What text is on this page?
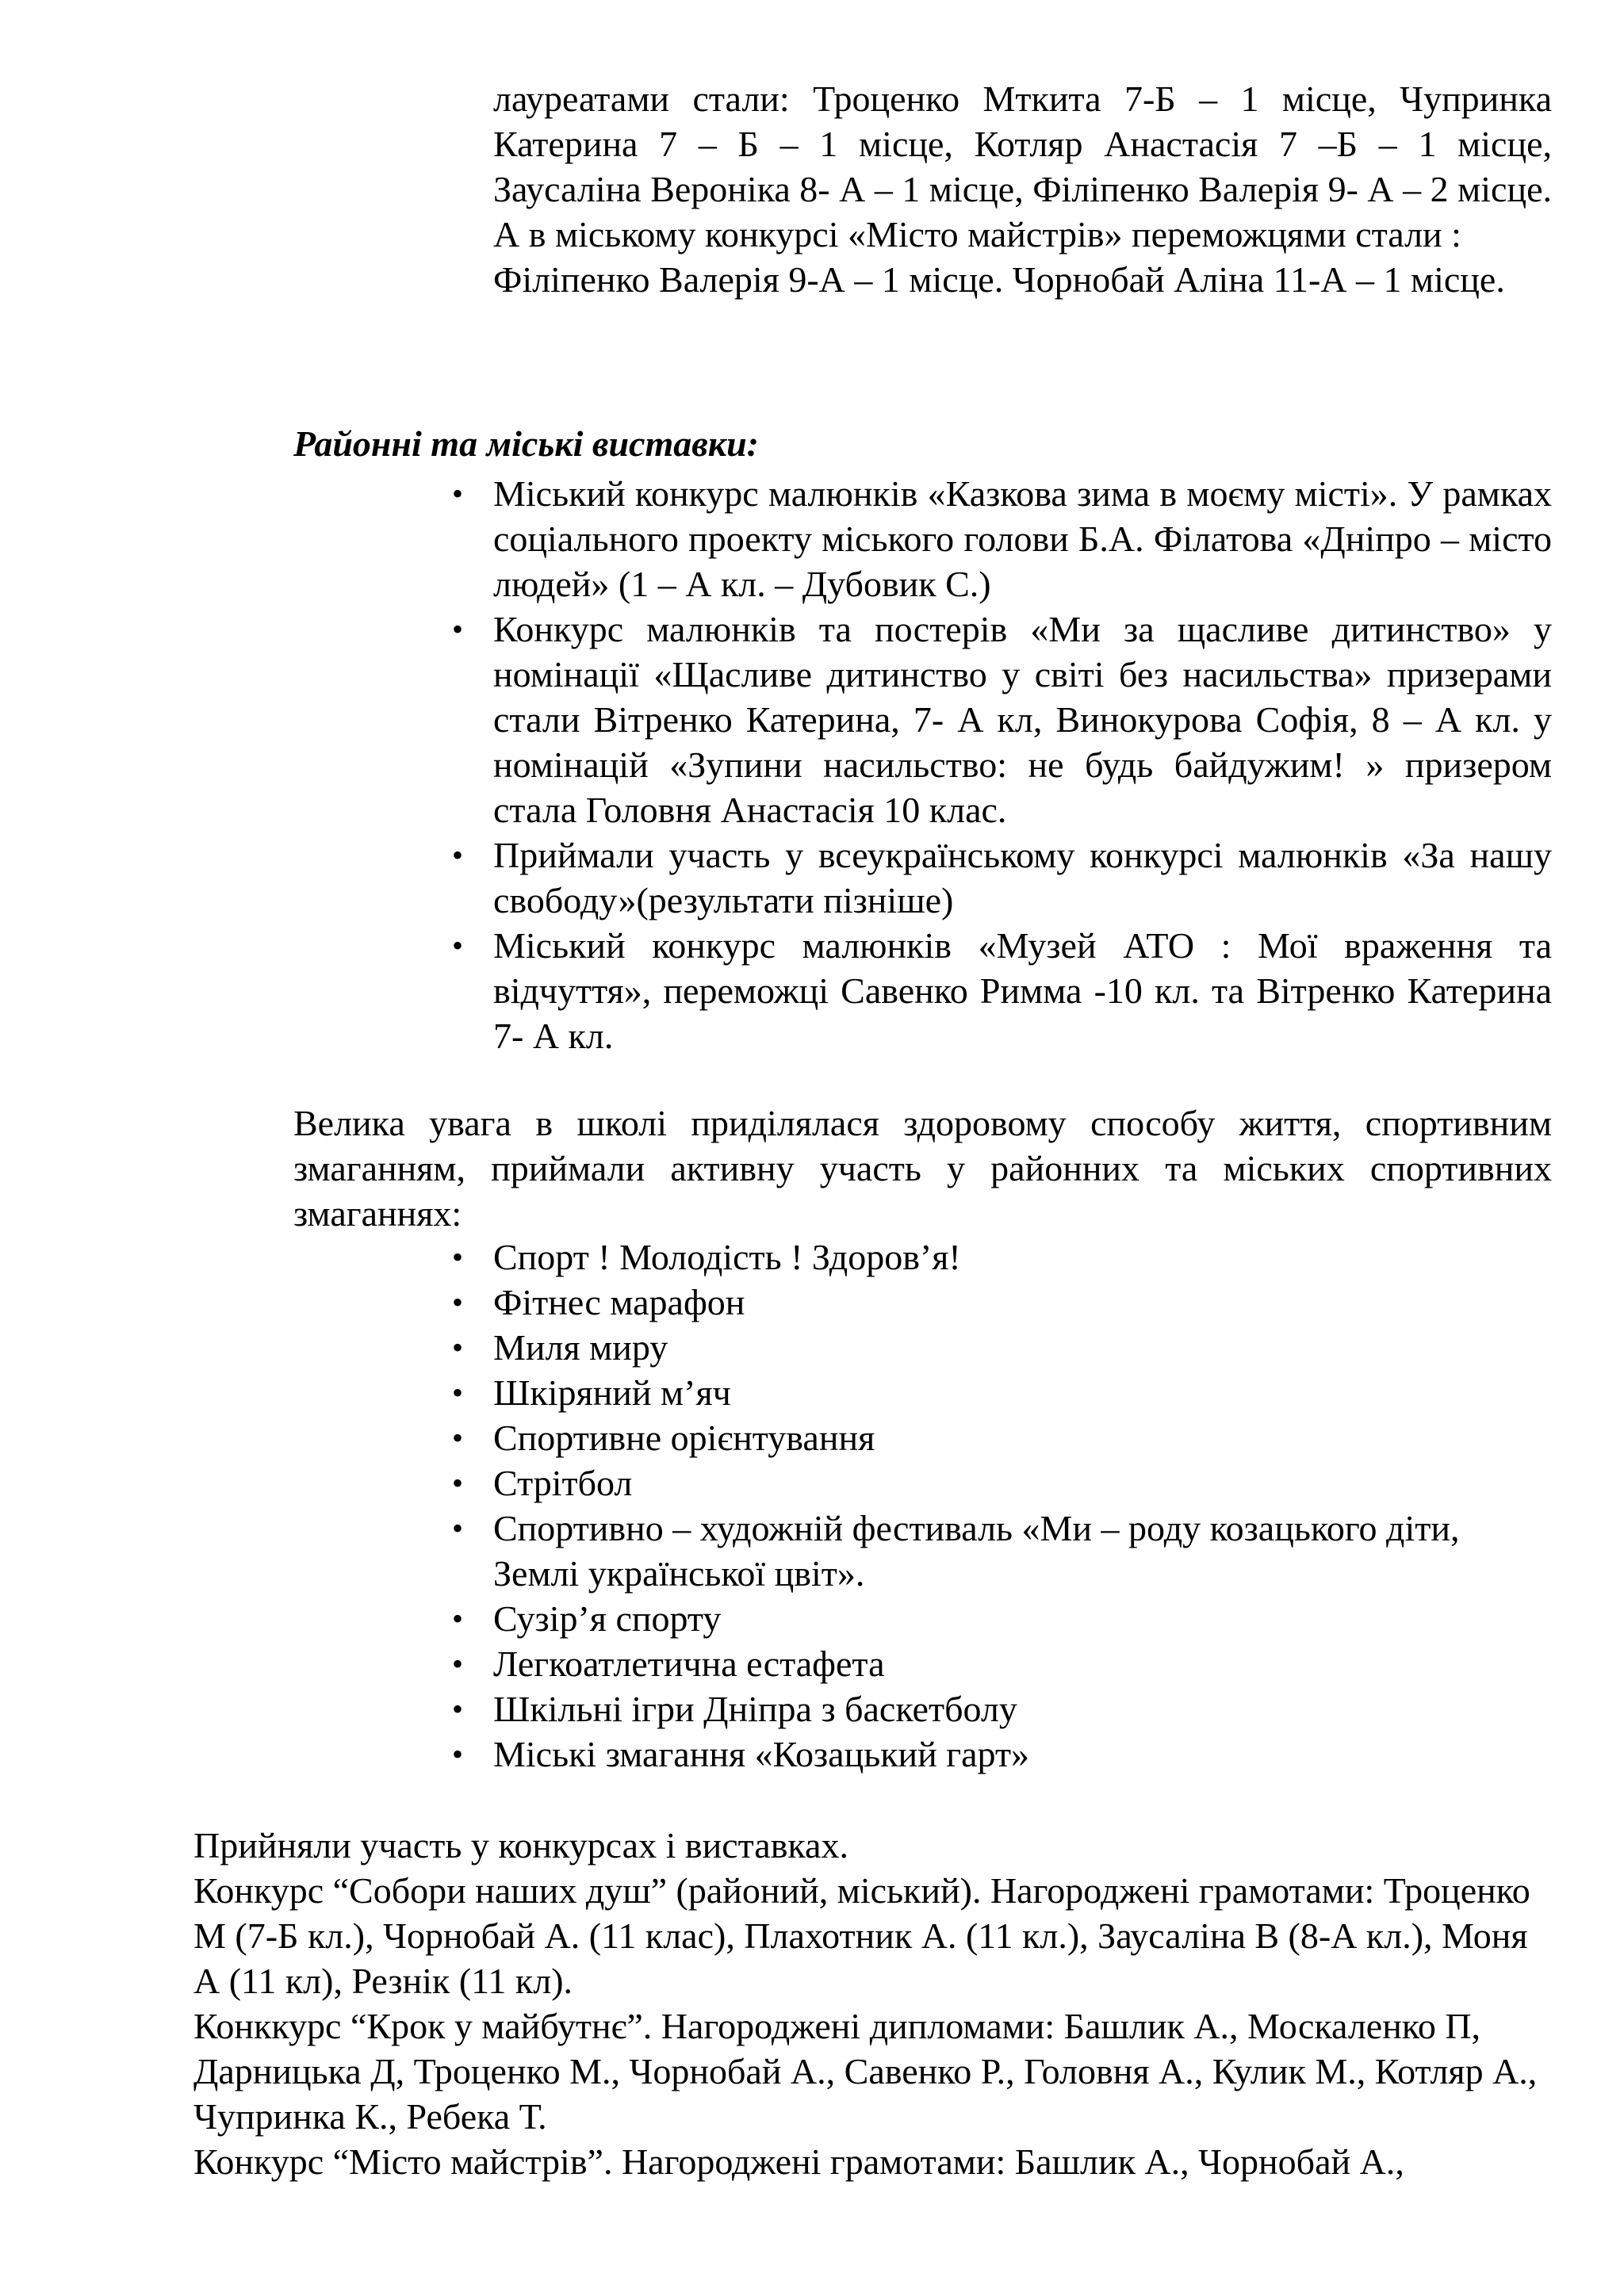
лауреатами стали: Троценко Мткита 7-Б – 1 місце, Чупринка Катерина 7 – Б – 1 місце, Котляр Анастасія 7 –Б – 1 місце, Заусаліна Вероніка 8- А – 1 місце, Філіпенко Валерія 9- А – 2 місце. А в міському конкурсі «Місто майстрів» переможцями стали :

Філіпенко Валерія 9-А – 1 місце. Чорнобай Аліна 11-А – 1 місце.

Районні та міські виставки:
• Міський конкурс малюнків «Казкова зима в моєму місті». У рамках соціального проекту міського голови Б.А. Філатова «Дніпро – місто людей» (1 – А кл. – Дубовик С.)
• Конкурс малюнків та постерів «Ми за щасливе дитинство» у номінації «Щасливе дитинство у світі без насильства» призерами стали Вітренко Катерина, 7- А кл, Винокурова Софія, 8 – А кл. у номінацій «Зупини насильство: не будь байдужим! » призером стала Головня Анастасія 10 клас.
• Приймали участь у всеукраїнському конкурсі малюнків «За нашу свободу»(результати пізніше)
• Міський конкурс малюнків «Музей АТО : Мої враження та відчуття», переможці Савенко Римма -10 кл. та Вітренко Катерина 7- А кл.

Велика увага в школі приділялася здоровому способу життя, спортивним змаганням, приймали активну участь у районних та міських спортивних змаганнях:

• Спорт ! Молодість ! Здоров’я!
• Фітнес марафон
• Миля миру
• Шкіряний м’яч
• Спортивне орієнтування
• Стрітбол
• Спортивно – художній фестиваль «Ми – роду козацького діти, Землі української цвіт».
• Сузір’я спорту
• Легкоатлетична естафета
• Шкільні ігри Дніпра з баскетболу
• Міські змагання «Козацький гарт»

Прийняли участь у конкурсах і виставках.

Конкурс “Собори наших душ” (районий, міський). Нагороджені грамотами: Троценко М (7-Б кл.), Чорнобай А. (11 клас), Плахотник А. (11 кл.), Заусаліна В (8-А кл.), Моня А (11 кл), Резнік (11 кл).

Конккурс “Крок у майбутнє”. Нагороджені дипломами: Башлик А., Москаленко П, Дарницька Д, Троценко М., Чорнобай А., Савенко Р., Головня А., Кулик М., Котляр А., Чупринка К., Ребека Т.

Конкурс “Місто майстрів”. Нагороджені грамотами: Башлик А., Чорнобай А.,
